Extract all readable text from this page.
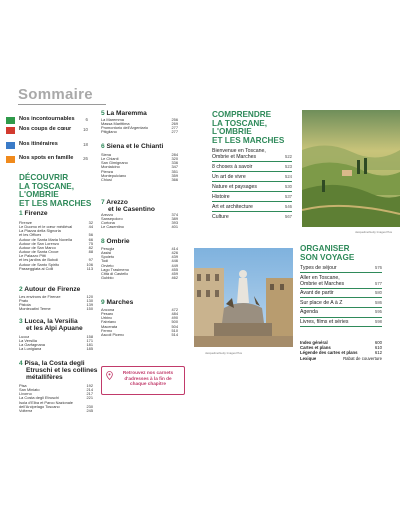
Sommaire
Nos incontournables 6
Nos coups de cœur	10
Nos itinéraires	18
Nos spots en famille 26
DÉCOUVRIR
LA TOSCANE,
L'OMBRIE
ET LES MARCHES
1 Firenze
Firenze	32
Le Duomo et le cœur médiéval	44
La Piazza della Signoria
et les Offices	56
Autour de Santa Maria Novella	66
Autour de San Lorenzo	75
Autour de San Marco	82
Autour de Santa Croce	88
Le Palazzo Pitti
et les jardins de Boboli	97
Autour de Santo Spirito	106
Passeggiata ai Colli	113
2 Autour de Firenze
Les environs de Firenze	120
Prato	130
Pistoia	139
Montecatini Terme	150
3 Lucca, la Versilia
et les Alpi Apuane
Lucca	158
La Versilia	171
La Garfagnana	181
La Lunigiana	185
4 Pisa, la Costa degli
Etruschi et les collines
métallifères
Pisa	192
San Miniato	214
Livorno	217
La Costa degli Etruschi	221
Isola d'Elba et Parco Nazionale
dell'Arcipelago Toscano	230
Volterra	245
5 La Maremma
La Maremma	256
Massa Marittima	269
Promontorio dell'Argentario	277
Pitigliano	277
6 Siena et le Chianti
Siena	284
Le Chianti	320
San Gimignano	336
Montalcino	347
Pienza	351
Montepulciano	359
Chiusi	366
7 Arezzo
et le Casentino
Arezzo	374
Sansepolcro	389
Cortona	393
Le Casentino	401
8 Ombrie
Perugia	414
Assisi	426
Spoleto	439
Todi	446
Orvieto	449
Lago Trasimeno	455
Città di Castello	459
Gubbio	462
9 Marches
Ancona	472
Pesaro	484
Urbino	490
Fabriano	500
Macerata	504
Fermo	510
Ascoli Piceno	514
Retrouvez nos carnets
d'adresses à la fin de
chaque chapitre
Jacqueline/Getty Images Plus
Jacqueline/Getty Images Plus
COMPRENDRE
LA TOSCANE,
L'OMBRIE
ET LES MARCHES
Bienvenue en Toscane,
Ombrie et Marches	522
8 choses à savoir	523
Un art de vivre	524
Nature et paysages	530
Histoire	537
Art et architecture	546
Culture	567
ORGANISER
SON VOYAGE
Types de séjour	576
Aller en Toscane,
Ombrie et Marches	577
Avant de partir	580
Sur place de A à Z	586
Agenda	595
Livres, films et séries	598
Index général	600
Cartes et plans	610
Légende des cartes et plans	612
Lexique	Rabat de couverture
